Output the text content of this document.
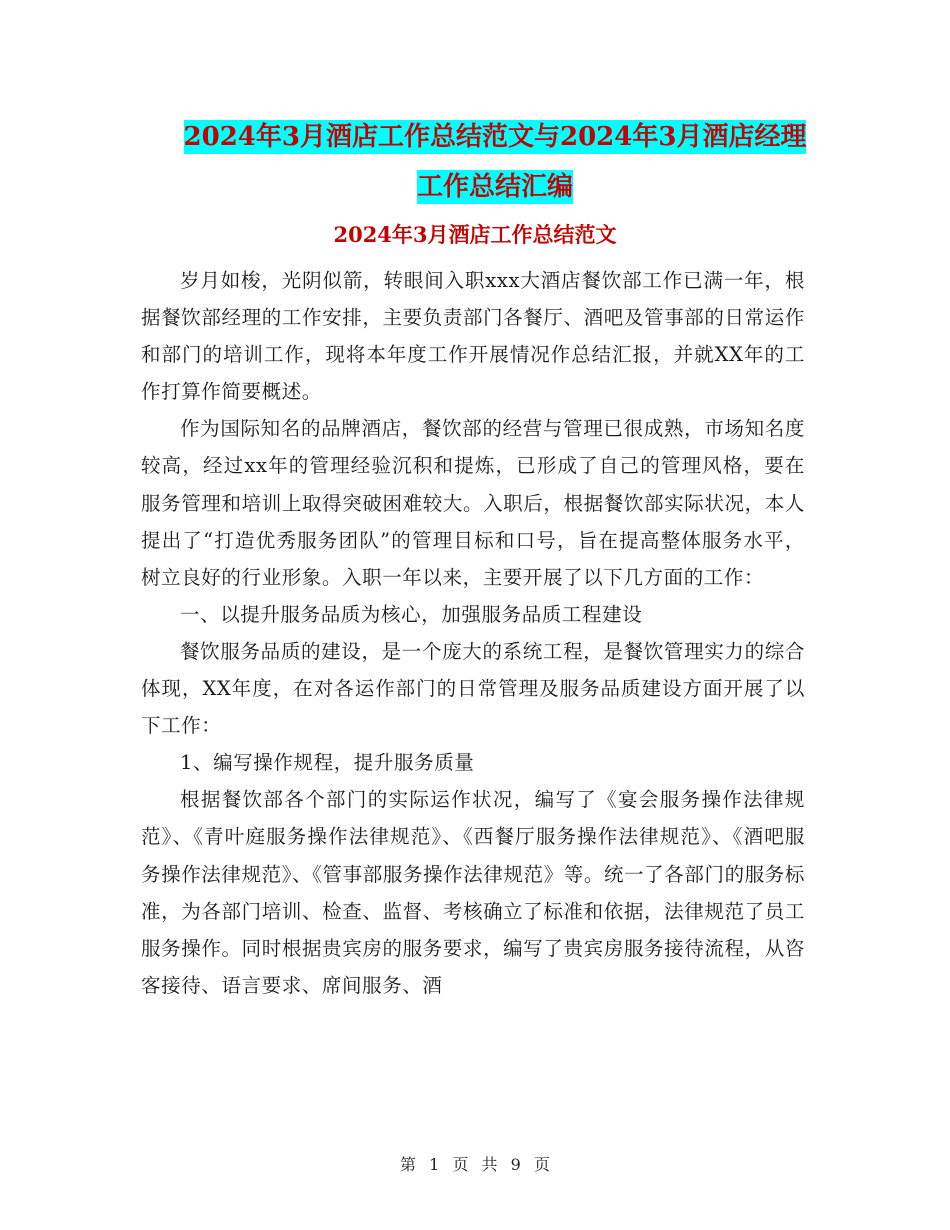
2024年3月酒店工作总结范文与2024年3月酒店经理
工作总结汇编
2024年3月酒店工作总结范文

岁月如梭，光阴似箭，转眼间入职xxx大酒店餐饮部工作已满一年，根据餐饮部经理的工作安排，主要负责部门各餐厅、酒吧及管事部的日常运作和部门的培训工作，现将本年度工作开展情况作总结汇报，并就XX年的工作打算作简要概述。

作为国际知名的品牌酒店，餐饮部的经营与管理已很成熟，市场知名度较高，经过xx年的管理经验沉积和提炼，已形成了自己的管理风格，要在服务管理和培训上取得突破困难较大。入职后，根据餐饮部实际状况，本人提出了“打造优秀服务团队”的管理目标和口号，旨在提高整体服务水平，树立良好的行业形象。入职一年以来，主要开展了以下几方面的工作：

一、以提升服务品质为核心，加强服务品质工程建设

餐饮服务品质的建设，是一个庞大的系统工程，是餐饮管理实力的综合体现，XX年度，在对各运作部门的日常管理及服务品质建设方面开展了以下工作：

1、编写操作规程，提升服务质量

根据餐饮部各个部门的实际运作状况，编写了《宴会服务操作法律规范》、《青叶庭服务操作法律规范》、《西餐厅服务操作法律规范》、《酒吧服务操作法律规范》、《管事部服务操作法律规范》等。统一了各部门的服务标准，为各部门培训、检查、监督、考核确立了标准和依据，法律规范了员工服务操作。同时根据贵宾房的服务要求，编写了贵宾房服务接待流程，从咨客接待、语言要求、席间服务、酒

第 1 页 共 9 页
